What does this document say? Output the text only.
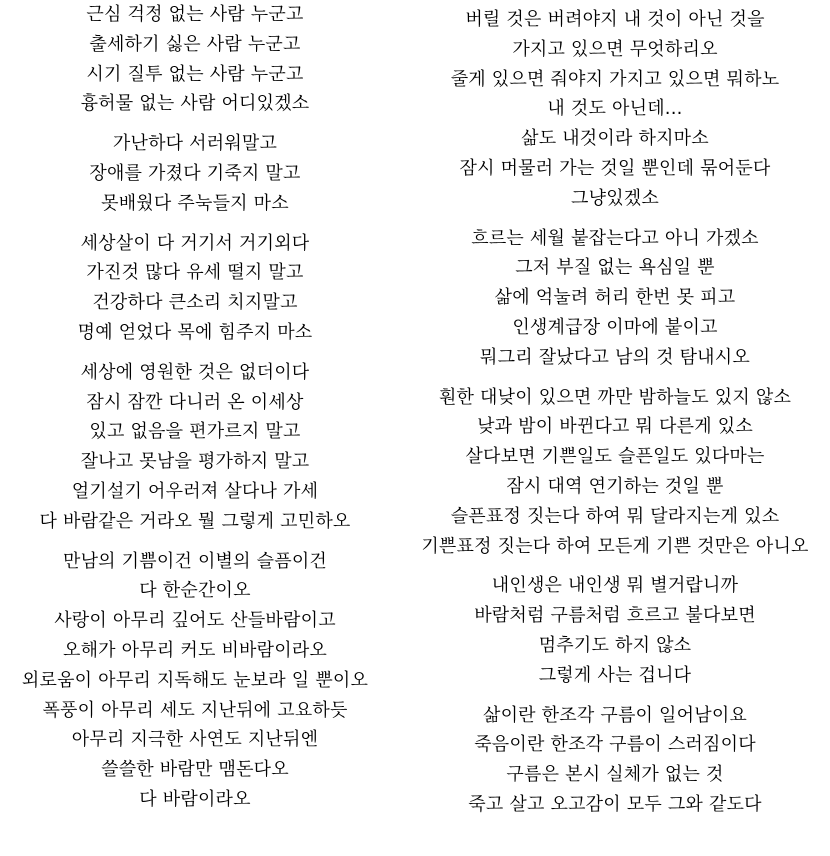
근심 걱정 없는 사람 누군고
출세하기 싫은 사람 누군고
시기 질투 없는 사람 누군고
흉허물 없는 사람 어디있겠소
가난하다 서러워말고
장애를 가졌다 기죽지 말고
못배웠다 주눅들지 마소
세상살이 다 거기서 거기외다
가진것 많다 유세 떨지 말고
건강하다 큰소리 치지말고
명예 얻었다 목에 힘주지 마소
세상에 영원한 것은 없더이다
잠시 잠깐 다니러 온 이세상
있고 없음을 편가르지 말고
잘나고 못남을 평가하지 말고
얼기설기 어우러져 살다나 가세
다 바람같은 거라오 뭘 그렇게 고민하오
만남의 기쁨이건 이별의 슬픔이건
다 한순간이오
사랑이 아무리 깊어도 산들바람이고
오해가 아무리 커도 비바람이라오
외로움이 아무리 지독해도 눈보라 일 뿐이오
폭풍이 아무리 세도 지난뒤에 고요하듯
아무리 지극한 사연도 지난뒤엔
쓸쓸한 바람만 맴돈다오
다 바람이라오
버릴 것은 버려야지 내 것이 아닌 것을
가지고 있으면 무엇하리오
줄게 있으면 줘야지 가지고 있으면 뭐하노
내 것도 아닌데...
삶도 내것이라 하지마소
잠시 머물러 가는 것일 뿐인데 묶어둔다
그냥있겠소
흐르는 세월 붙잡는다고 아니 가겠소
그저 부질 없는 욕심일 뿐
삶에 억눌려 허리 한번 못 피고
인생계급장 이마에 붙이고
뭐그리 잘났다고 남의 것 탐내시오
훤한 대낮이 있으면 까만 밤하늘도 있지 않소
낮과 밤이 바뀐다고 뭐 다른게 있소
살다보면 기쁜일도 슬픈일도 있다마는
잠시 대역 연기하는 것일 뿐
슬픈표정 짓는다 하여 뭐 달라지는게 있소
기쁜표정 짓는다 하여 모든게 기쁜 것만은 아니오
내인생은 내인생 뭐 별거랍니까
바람처럼 구름처럼 흐르고 불다보면
멈추기도 하지 않소
그렇게 사는 겁니다
삶이란 한조각 구름이 일어남이요
죽음이란 한조각 구름이 스러짐이다
구름은 본시 실체가 없는 것
죽고 살고 오고감이 모두 그와 같도다
